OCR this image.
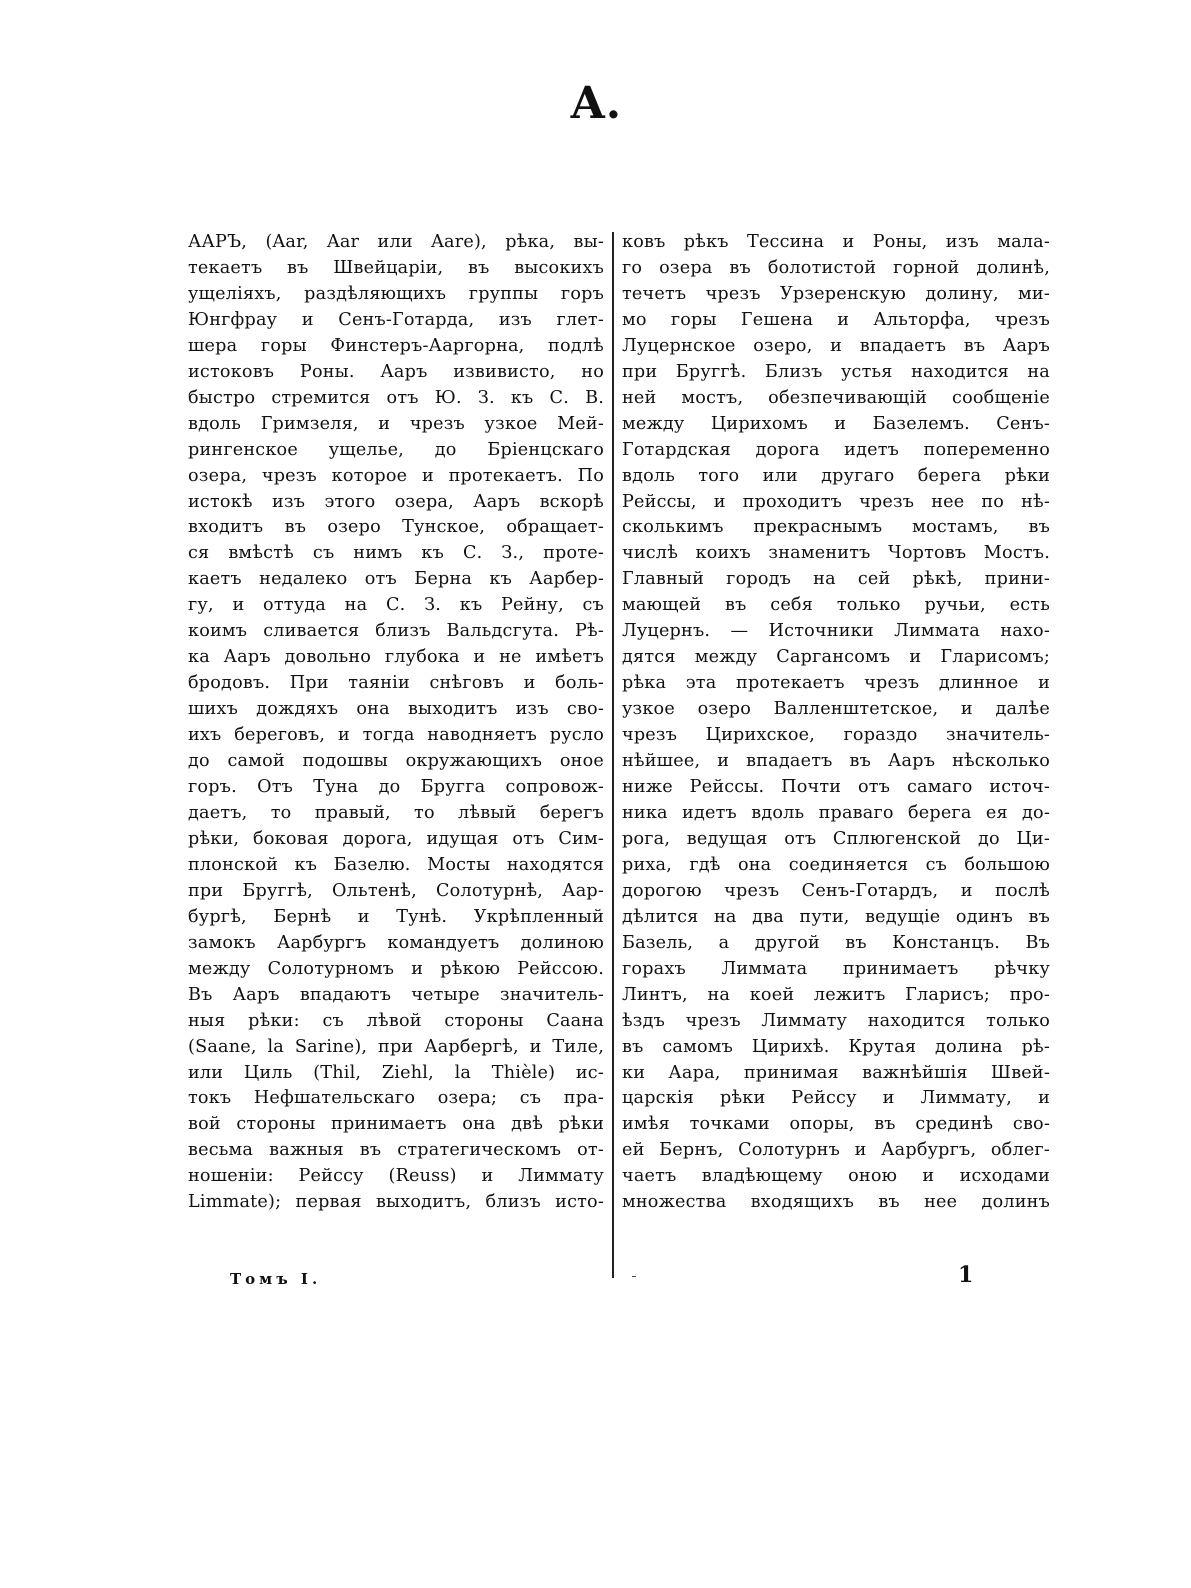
А.
ААРЪ, (Aar, Aar или Aare), рѣка, вы-
текаетъ въ Швейцаріи, въ высокихъ
ущеліяхъ, раздѣляющихъ группы горъ
Юнгфрау и Сенъ-Готарда, изъ глет-
шера горы Финстеръ-Ааргорна, подлѣ
истоковъ Роны. Ааръ извивисто, но
быстро стремится отъ Ю. З. къ С. В.
вдоль Гримзеля, и чрезъ узкое Мей-
рингенское ущелье, до Бріенцскаго
озера, чрезъ которое и протекаетъ. По
истокѣ изъ этого озера, Ааръ вскорѣ
входитъ въ озеро Тунское, обращает-
ся вмѣстѣ съ нимъ къ С. З., протe-
каетъ недалеко отъ Берна къ Аарбер-
гу, и оттуда на С. З. къ Рейну, съ
коимъ сливается близъ Вальдсгута. Рѣ-
ка Ааръ довольно глубока и не имѣетъ
бродовъ. При таяніи снѣговъ и боль-
шихъ дождяхъ она выходитъ изъ сво-
ихъ береговъ, и тогда наводняетъ русло
до самой подошвы окружающихъ оное
горъ. Отъ Туна до Бругга сопровож-
даетъ, то правый, то лѣвый берегъ
рѣки, боковая дорога, идущая отъ Сим-
плонской къ Базелю. Мосты находятся
при Бруггѣ, Ольтенѣ, Солотурнѣ, Аар-
бургѣ, Бернѣ и Тунѣ. Укрѣпленный
замокъ Аарбургъ командуетъ долиною
между Солотурномъ и рѣкою Рейссою.
Въ Ааръ впадаютъ четыре значитель-
ныя рѣки: съ лѣвой стороны Саана
(Saane, la Sarine), при Аарбергѣ, и Тиле,
или Циль (Thil, Ziehl, la Thièle) ис-
токъ Нефшательскаго озера; съ пра-
вой стороны принимаетъ она двѣ рѣки
весьма важныя въ стратегическомъ от-
ношеніи: Рейссу (Reuss) и Лиммату
Limmate); первая выходитъ, близъ исто-
ковъ рѣкъ Тессина и Роны, изъ мала-
го озера въ болотистой горной долинѣ,
течетъ чрезъ Урзеренскую долину, ми-
мо горы Гешена и Альторфа, чрезъ
Луцернское озеро, и впадаетъ въ Ааръ
при Бруггѣ. Близъ устья находится на
ней мостъ, обезпечивающій сообщеніе
между Цирихомъ и Базелемъ. Сенъ-
Готардская дорога идетъ попеременно
вдоль того или другаго берега рѣки
Рейссы, и проходитъ чрезъ нее по нѣ-
сколькимъ прекраснымъ мостамъ, въ
числѣ коихъ знаменитъ Чортовъ Мостъ.
Главный городъ на сей рѣкѣ, прини-
мающей въ себя только ручьи, есть
Луцернъ. — Источники Лиммата нахо-
дятся между Саргансомъ и Гларисомъ;
рѣка эта протекаетъ чрезъ длинное и
узкое озеро Валленштетское, и далѣе
чрезъ Цирихское, гораздо значитель-
нѣйшее, и впадаетъ въ Ааръ нѣсколько
ниже Рейссы. Почти отъ самаго источ-
ника идетъ вдоль праваго берега ея до-
рога, ведущая отъ Сплюгенской до Ци-
риха, гдѣ она соединяется съ большою
дорогою чрезъ Сенъ-Готардъ, и послѣ
дѣлится на два пути, ведущіе одинъ въ
Базель, а другой въ Констанцъ. Въ
горахъ Лиммата принимаетъ рѣчку
Линтъ, на коей лежитъ Гларисъ; про-
ѣздъ чрезъ Лиммату находится только
въ самомъ Цирихѣ. Крутая долина рѣ-
ки Аара, принимая важнѣйшія Швей-
царскія рѣки Рейссу и Лиммату, и
имѣя точками опоры, въ срединѣ сво-
ей Бернъ, Солотурнъ и Аарбургъ, облег-
чаетъ владѣющему оною и исходами
множества входящихъ въ нее долинъ
Томъ I.	1
